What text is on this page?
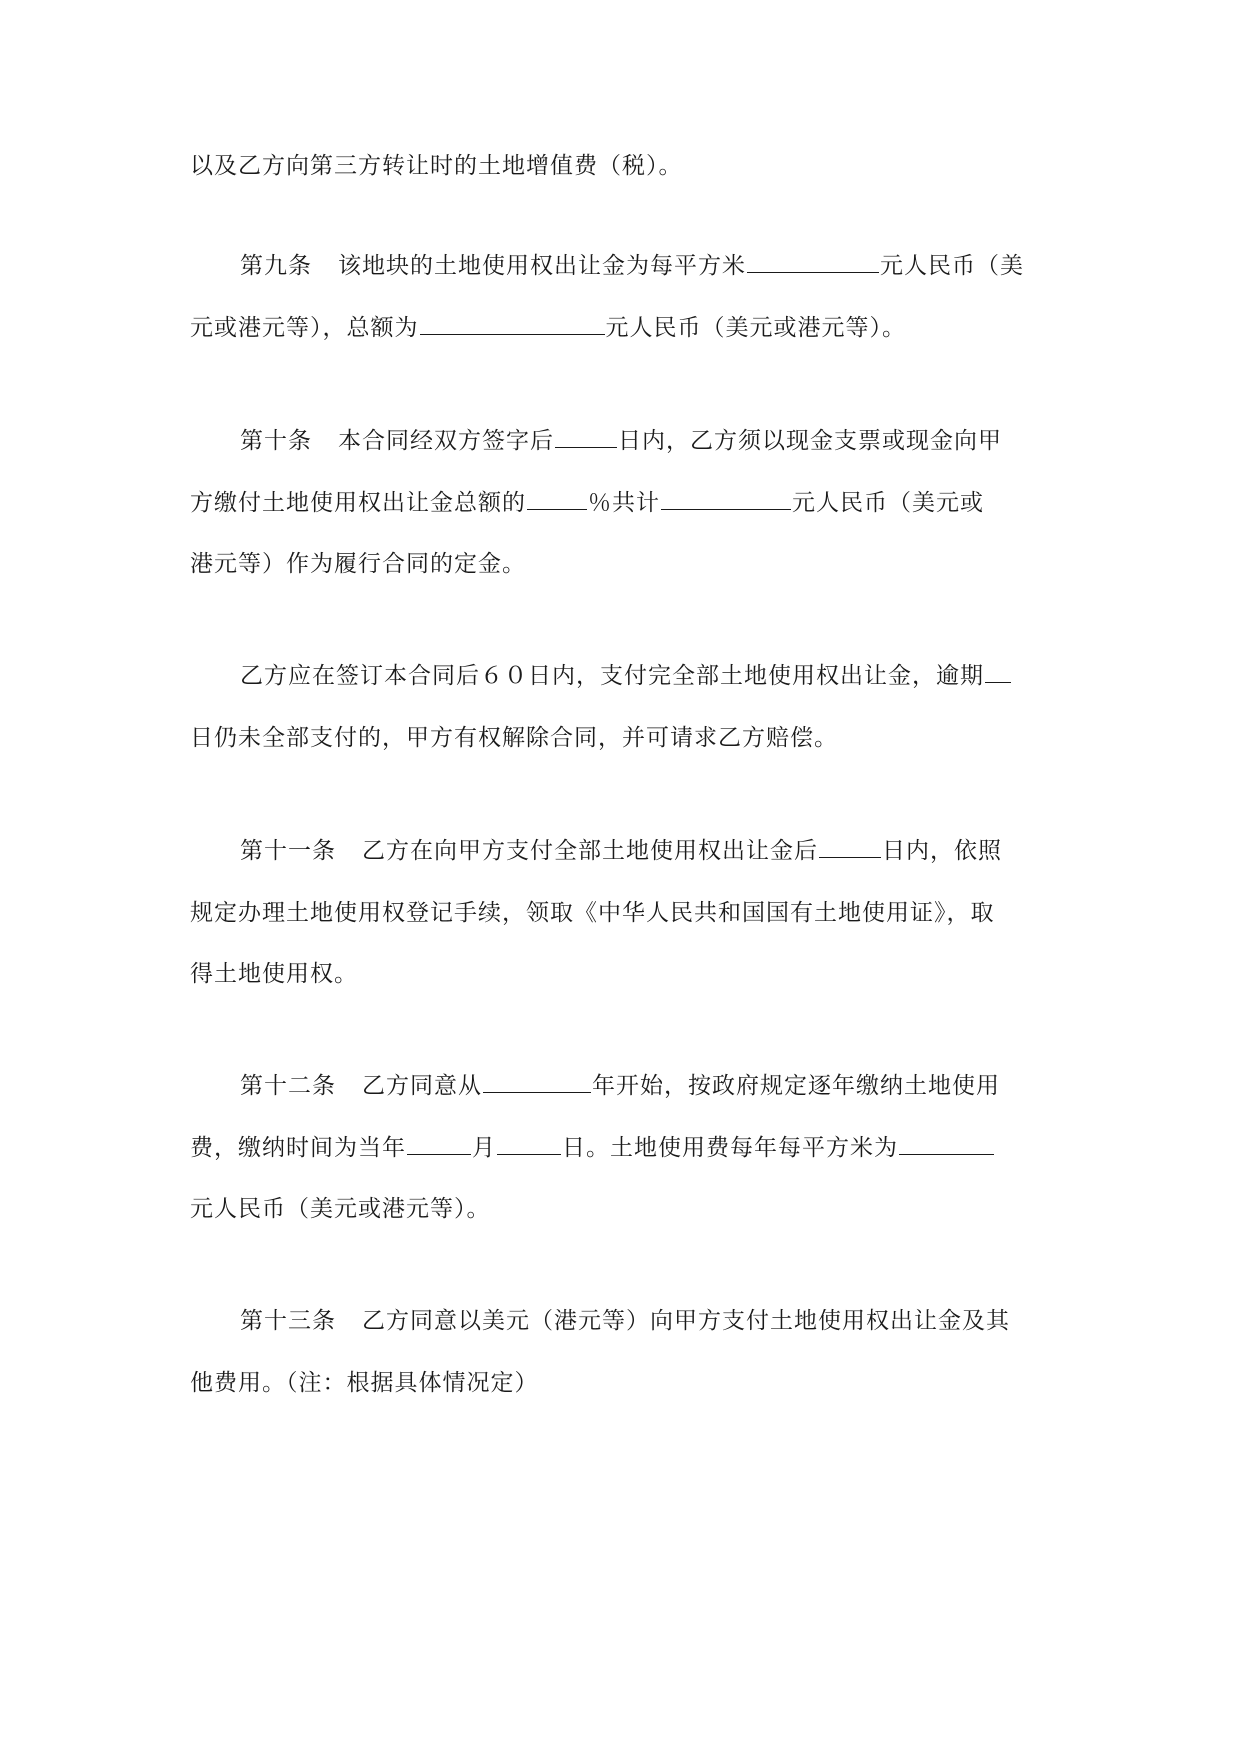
以及乙方向第三方转让时的土地增值费（税）。
第九条 该地块的土地使用权出让金为每平方米	元人民币（美
元或港元等），总额为	元人民币（美元或港元等）。
第十条 本合同经双方签字后	日内，乙方须以现金支票或现金向甲
方缴付土地使用权出让金总额的	％共计	元人民币（美元或
港元等）作为履行合同的定金。
乙方应在签订本合同后６０日内，支付完全部土地使用权出让金，逾期
日仍未全部支付的，甲方有权解除合同，并可请求乙方赔偿。
第十一条 乙方在向甲方支付全部土地使用权出让金后	日内，依照
规定办理土地使用权登记手续，领取《中华人民共和国国有土地使用证》，取
得土地使用权。
第十二条 乙方同意从	年开始，按政府规定逐年缴纳土地使用
费，缴纳时间为当年	月	日。土地使用费每年每平方米为
元人民币（美元或港元等）。
第十三条 乙方同意以美元（港元等）向甲方支付土地使用权出让金及其
他费用。（注：根据具体情况定）
